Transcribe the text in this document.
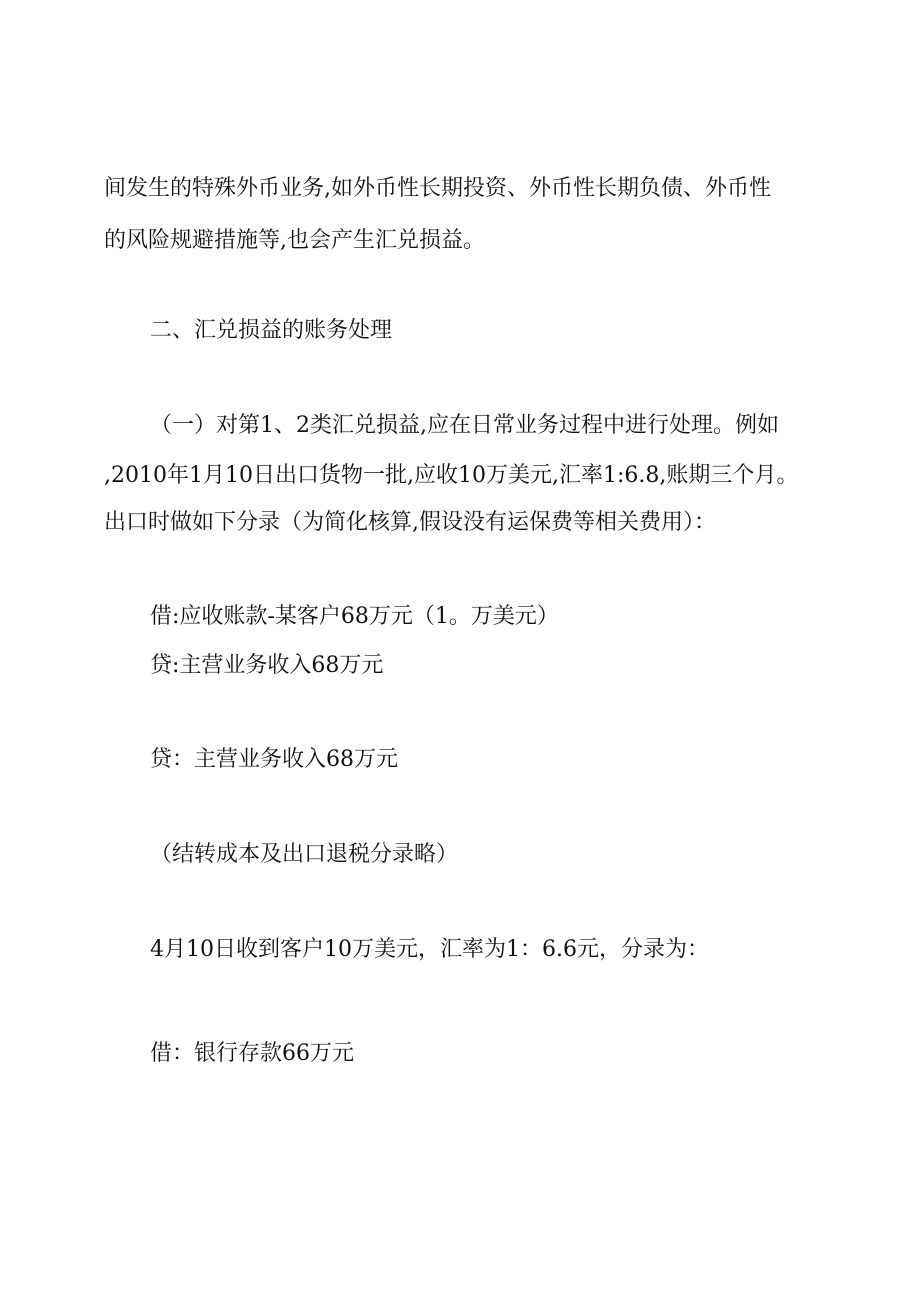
间发生的特殊外币业务,如外币性长期投资、外币性长期负债、外币性
的风险规避措施等,也会产生汇兑损益。
二、汇兑损益的账务处理
（一）对第1、2类汇兑损益,应在日常业务过程中进行处理。例如
,2010年1月10日出口货物一批,应收10万美元,汇率1:6.8,账期三个月。
出口时做如下分录（为简化核算,假设没有运保费等相关费用）：
借:应收账款-某客户68万元（1。万美元）
贷:主营业务收入68万元
贷：主营业务收入68万元
（结转成本及出口退税分录略）
4月10日收到客户10万美元，汇率为1：6.6元，分录为：
借：银行存款66万元
